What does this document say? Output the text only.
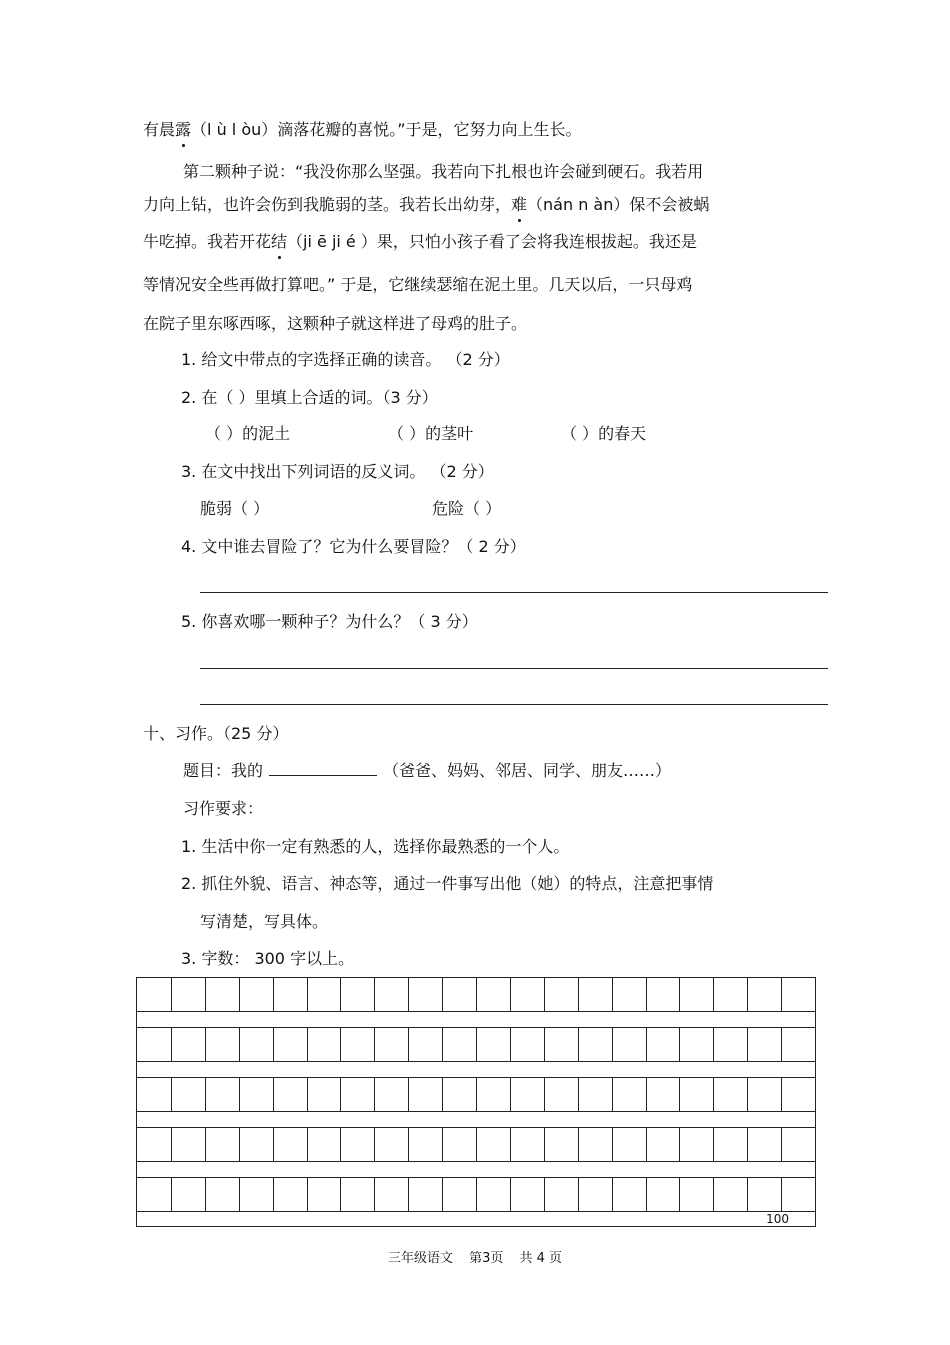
有晨露（l ù l òu）滴落花瓣的喜悦。”于是，它努力向上生长。
第二颗种子说：“我没你那么坚强。我若向下扎根也许会碰到硬石。我若用
力向上钻，也许会伤到我脆弱的茎。我若长出幼芽，难（nán n àn）保不会被蜗
牛吃掉。我若开花结（ji ē ji é ）果，只怕小孩子看了会将我连根拔起。我还是
等情况安全些再做打算吧。” 于是，它继续瑟缩在泥土里。几天以后，一只母鸡
在院子里东啄西啄，这颗种子就这样进了母鸡的肚子。
1. 给文中带点的字选择正确的读音。 （2 分）
2. 在（ ）里填上合适的词。（3 分）
（ ）的泥土	（ ）的茎叶	（ ）的春天
3. 在文中找出下列词语的反义词。 （2 分）
脆弱（ ）	危险（ ）
4. 文中谁去冒险了？它为什么要冒险？（ 2 分）
5. 你喜欢哪一颗种子？为什么？（ 3 分）
十、习作。（25 分）
题目：我的	（爸爸、妈妈、邻居、同学、朋友……）
习作要求：
1. 生活中你一定有熟悉的人，选择你最熟悉的一个人。
2. 抓住外貌、语言、神态等，通过一件事写出他（她）的特点，注意把事情
写清楚，写具体。
3. 字数： 300 字以上。
100
三年级语文 第3页 共 4 页
